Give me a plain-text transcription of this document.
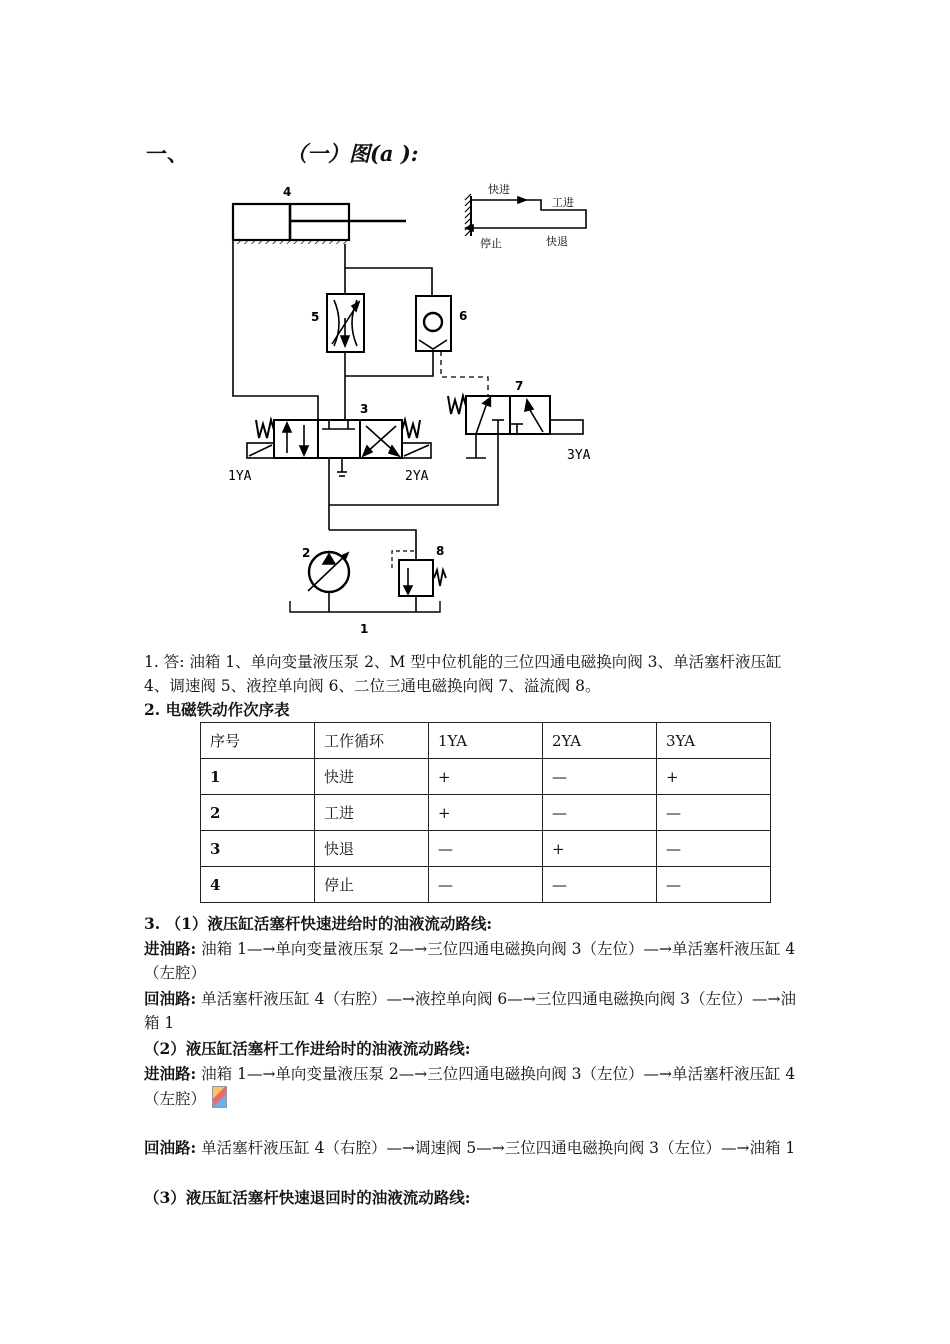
一、	（一）图(a ):
4
5	6
3
7
2	8
1
1YA	2YA
3YA
快进
工进
停止	快退
1. 答: 油箱 1、单向变量液压泵 2、M 型中位机能的三位四通电磁换向阀 3、单活塞杆液压缸 4、调速阀 5、液控单向阀 6、二位三通电磁换向阀 7、溢流阀 8。
2. 电磁铁动作次序表
序号	工作循环	1YA	2YA	3YA
1	快进	+	—	+
2	工进	+	—	—
3	快退	—	+	—
4	停止	—	—	—
3. （1）液压缸活塞杆快速进给时的油液流动路线:
进油路: 油箱 1—→单向变量液压泵 2—→三位四通电磁换向阀 3（左位）—→单活塞杆液压缸 4（左腔）
回油路: 单活塞杆液压缸 4（右腔）—→液控单向阀 6—→三位四通电磁换向阀 3（左位）—→油箱 1
（2）液压缸活塞杆工作进给时的油液流动路线:
进油路: 油箱 1—→单向变量液压泵 2—→三位四通电磁换向阀 3（左位）—→单活塞杆液压缸 4（左腔）
回油路: 单活塞杆液压缸 4（右腔）—→调速阀 5—→三位四通电磁换向阀 3（左位）—→油箱 1
（3）液压缸活塞杆快速退回时的油液流动路线:
